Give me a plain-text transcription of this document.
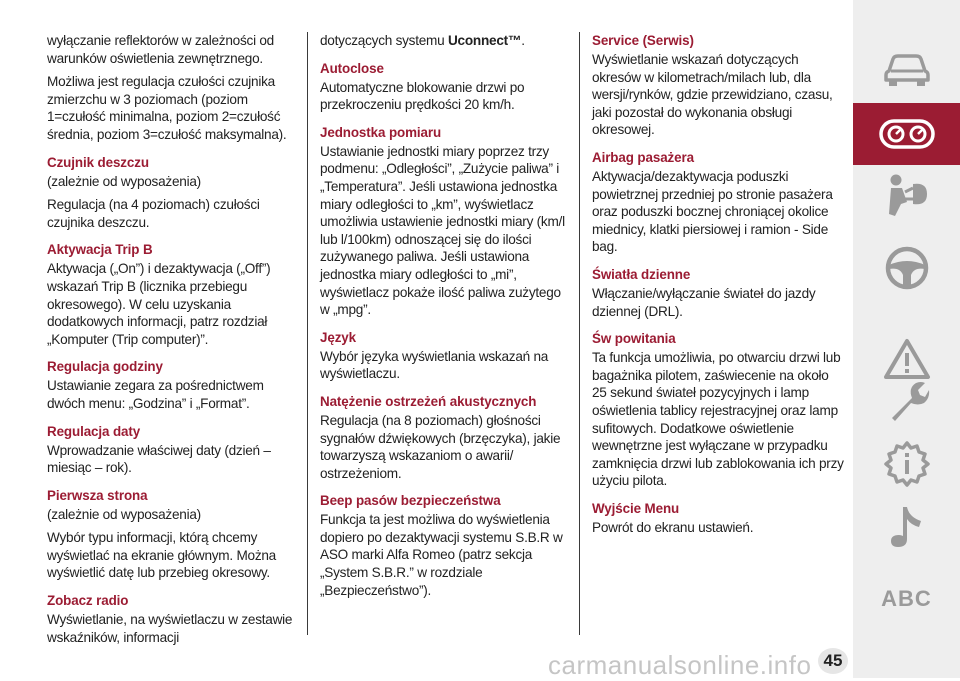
wyłączanie reflektorów w zależności od warunków oświetlenia zewnętrznego.

Możliwa jest regulacja czułości czujnika zmierzchu w 3 poziomach (poziom 1=czułość minimalna, poziom 2=czułość średnia, poziom 3=czułość maksymalna).

Czujnik deszczu

(zależnie od wyposażenia)

Regulacja (na 4 poziomach) czułości czujnika deszczu.

Aktywacja Trip B

Aktywacja („On”) i dezaktywacja („Off”) wskazań Trip B (licznika przebiegu okresowego). W celu uzyskania dodatkowych informacji, patrz rozdział „Komputer (Trip computer)”.

Regulacja godziny

Ustawianie zegara za pośrednictwem dwóch menu: „Godzina” i „Format”.

Regulacja daty

Wprowadzanie właściwej daty (dzień – miesiąc – rok).

Pierwsza strona

(zależnie od wyposażenia)

Wybór typu informacji, którą chcemy wyświetlać na ekranie głównym. Można wyświetlić datę lub przebieg okresowy.

Zobacz radio

Wyświetlanie, na wyświetlaczu w zestawie wskaźników, informacji

dotyczących systemu Uconnect™.

Autoclose

Automatyczne blokowanie drzwi po przekroczeniu prędkości 20 km/h.

Jednostka pomiaru

Ustawianie jednostki miary poprzez trzy podmenu: „Odległości”, „Zużycie paliwa” i „Temperatura”. Jeśli ustawiona jednostka miary odległości to „km”, wyświetlacz umożliwia ustawienie jednostki miary (km/l lub l/100km) odnoszącej się do ilości zużywanego paliwa. Jeśli ustawiona jednostka miary odległości to „mi”, wyświetlacz pokaże ilość paliwa zużytego w „mpg”.

Język

Wybór języka wyświetlania wskazań na wyświetlaczu.

Natężenie ostrzeżeń akustycznych

Regulacja (na 8 poziomach) głośności sygnałów dźwiękowych (brzęczyka), jakie towarzyszą wskazaniom o awarii/ ostrzeżeniom.

Beep pasów bezpieczeństwa

Funkcja ta jest możliwa do wyświetlenia dopiero po dezaktywacji systemu S.B.R w ASO marki Alfa Romeo (patrz sekcja „System S.B.R.” w rozdziale „Bezpieczeństwo”).

Service (Serwis)

Wyświetlanie wskazań dotyczących okresów w kilometrach/milach lub, dla wersji/rynków, gdzie przewidziano, czasu, jaki pozostał do wykonania obsługi okresowej.

Airbag pasażera

Aktywacja/dezaktywacja poduszki powietrznej przedniej po stronie pasażera oraz poduszki bocznej chroniącej okolice miednicy, klatki piersiowej i ramion - Side bag.

Światła dzienne

Włączanie/wyłączanie świateł do jazdy dziennej (DRL).

Św powitania

Ta funkcja umożliwia, po otwarciu drzwi lub bagażnika pilotem, zaświecenie na około 25 sekund świateł pozycyjnych i lamp oświetlenia tablicy rejestracyjnej oraz lamp sufitowych. Dodatkowe oświetlenie wewnętrzne jest wyłączane w przypadku zamknięcia drzwi lub zablokowania ich przy użyciu pilota.

Wyjście Menu

Powrót do ekranu ustawień.

ABC
carmanualsonline.info 45
